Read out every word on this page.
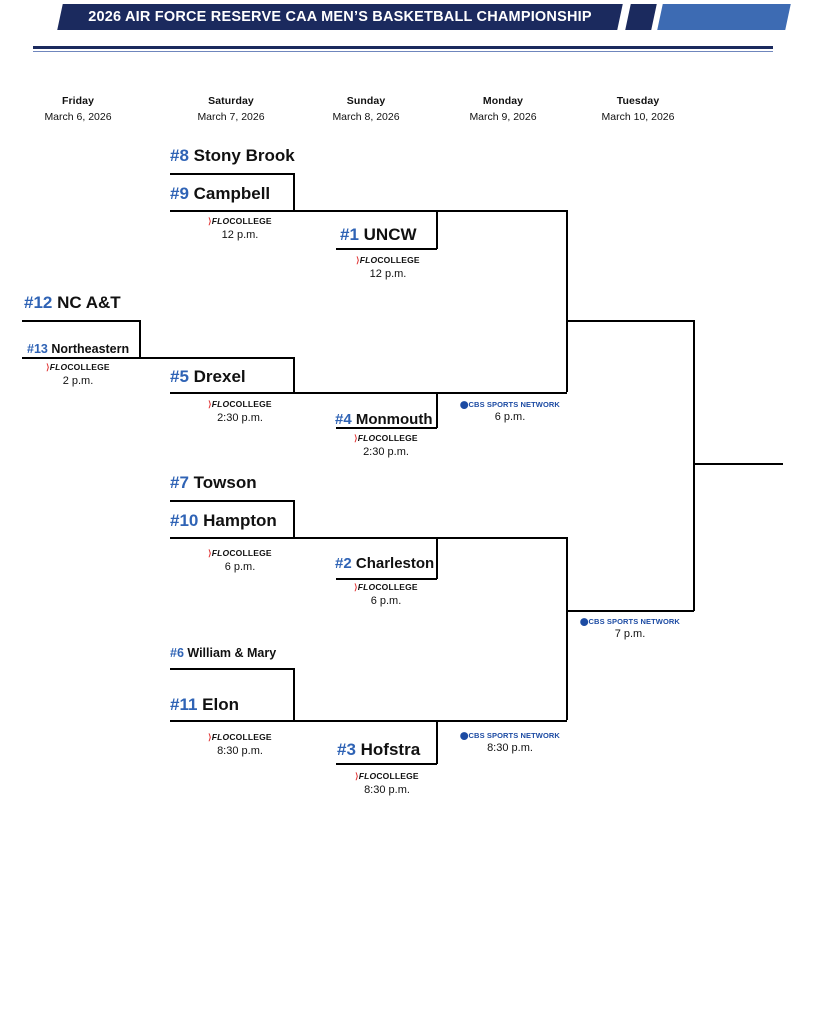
2026 AIR FORCE RESERVE CAA MEN’S BASKETBALL CHAMPIONSHIP
Friday
March 6, 2026
Saturday
March 7, 2026
Sunday
March 8, 2026
Monday
March 9, 2026
Tuesday
March 10, 2026
#8 Stony Brook
#9 Campbell
#1 UNCW
#12 NC A&T
#13 Northeastern
#5 Drexel
#4 Monmouth
#7 Towson
#10 Hampton
#2 Charleston
#6 William & Mary
#11 Elon
#3 Hofstra
⟩FLOCOLLEGE
12 p.m.
⟩FLOCOLLEGE
12 p.m.
⟩FLOCOLLEGE
2 p.m.
⟩FLOCOLLEGE
2:30 p.m.
⟩FLOCOLLEGE
2:30 p.m.
⟩FLOCOLLEGE
6 p.m.
⟩FLOCOLLEGE
6 p.m.
⬤CBS SPORTS NETWORK
6 p.m.
⟩FLOCOLLEGE
8:30 p.m.
⟩FLOCOLLEGE
8:30 p.m.
⬤CBS SPORTS NETWORK
8:30 p.m.
⬤CBS SPORTS NETWORK
7 p.m.
